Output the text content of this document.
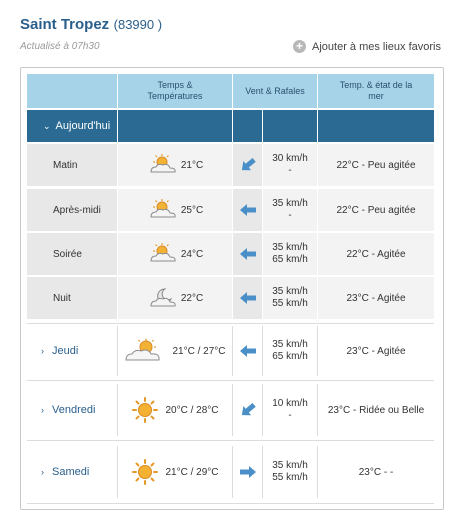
Saint Tropez (83990 )
Actualisé à 07h30	+ Ajouter à mes lieux favoris
Temps & Températures
Vent & Rafales
Temp. & état de la mer
⌄ Aujourd'hui
Matin	21°C
30 km/h
-	22°C - Peu agitée
Après-midi	25°C
35 km/h
-	22°C - Peu agitée
Soirée	24°C
35 km/h
65 km/h	22°C - Agitée
Nuit	22°C
35 km/h
55 km/h	23°C - Agitée
› Jeudi	21°C / 27°C
35 km/h
65 km/h	23°C - Agitée
› Vendredi	20°C / 28°C
10 km/h
-	23°C - Ridée ou Belle
› Samedi	21°C / 29°C
35 km/h
55 km/h	23°C - -
